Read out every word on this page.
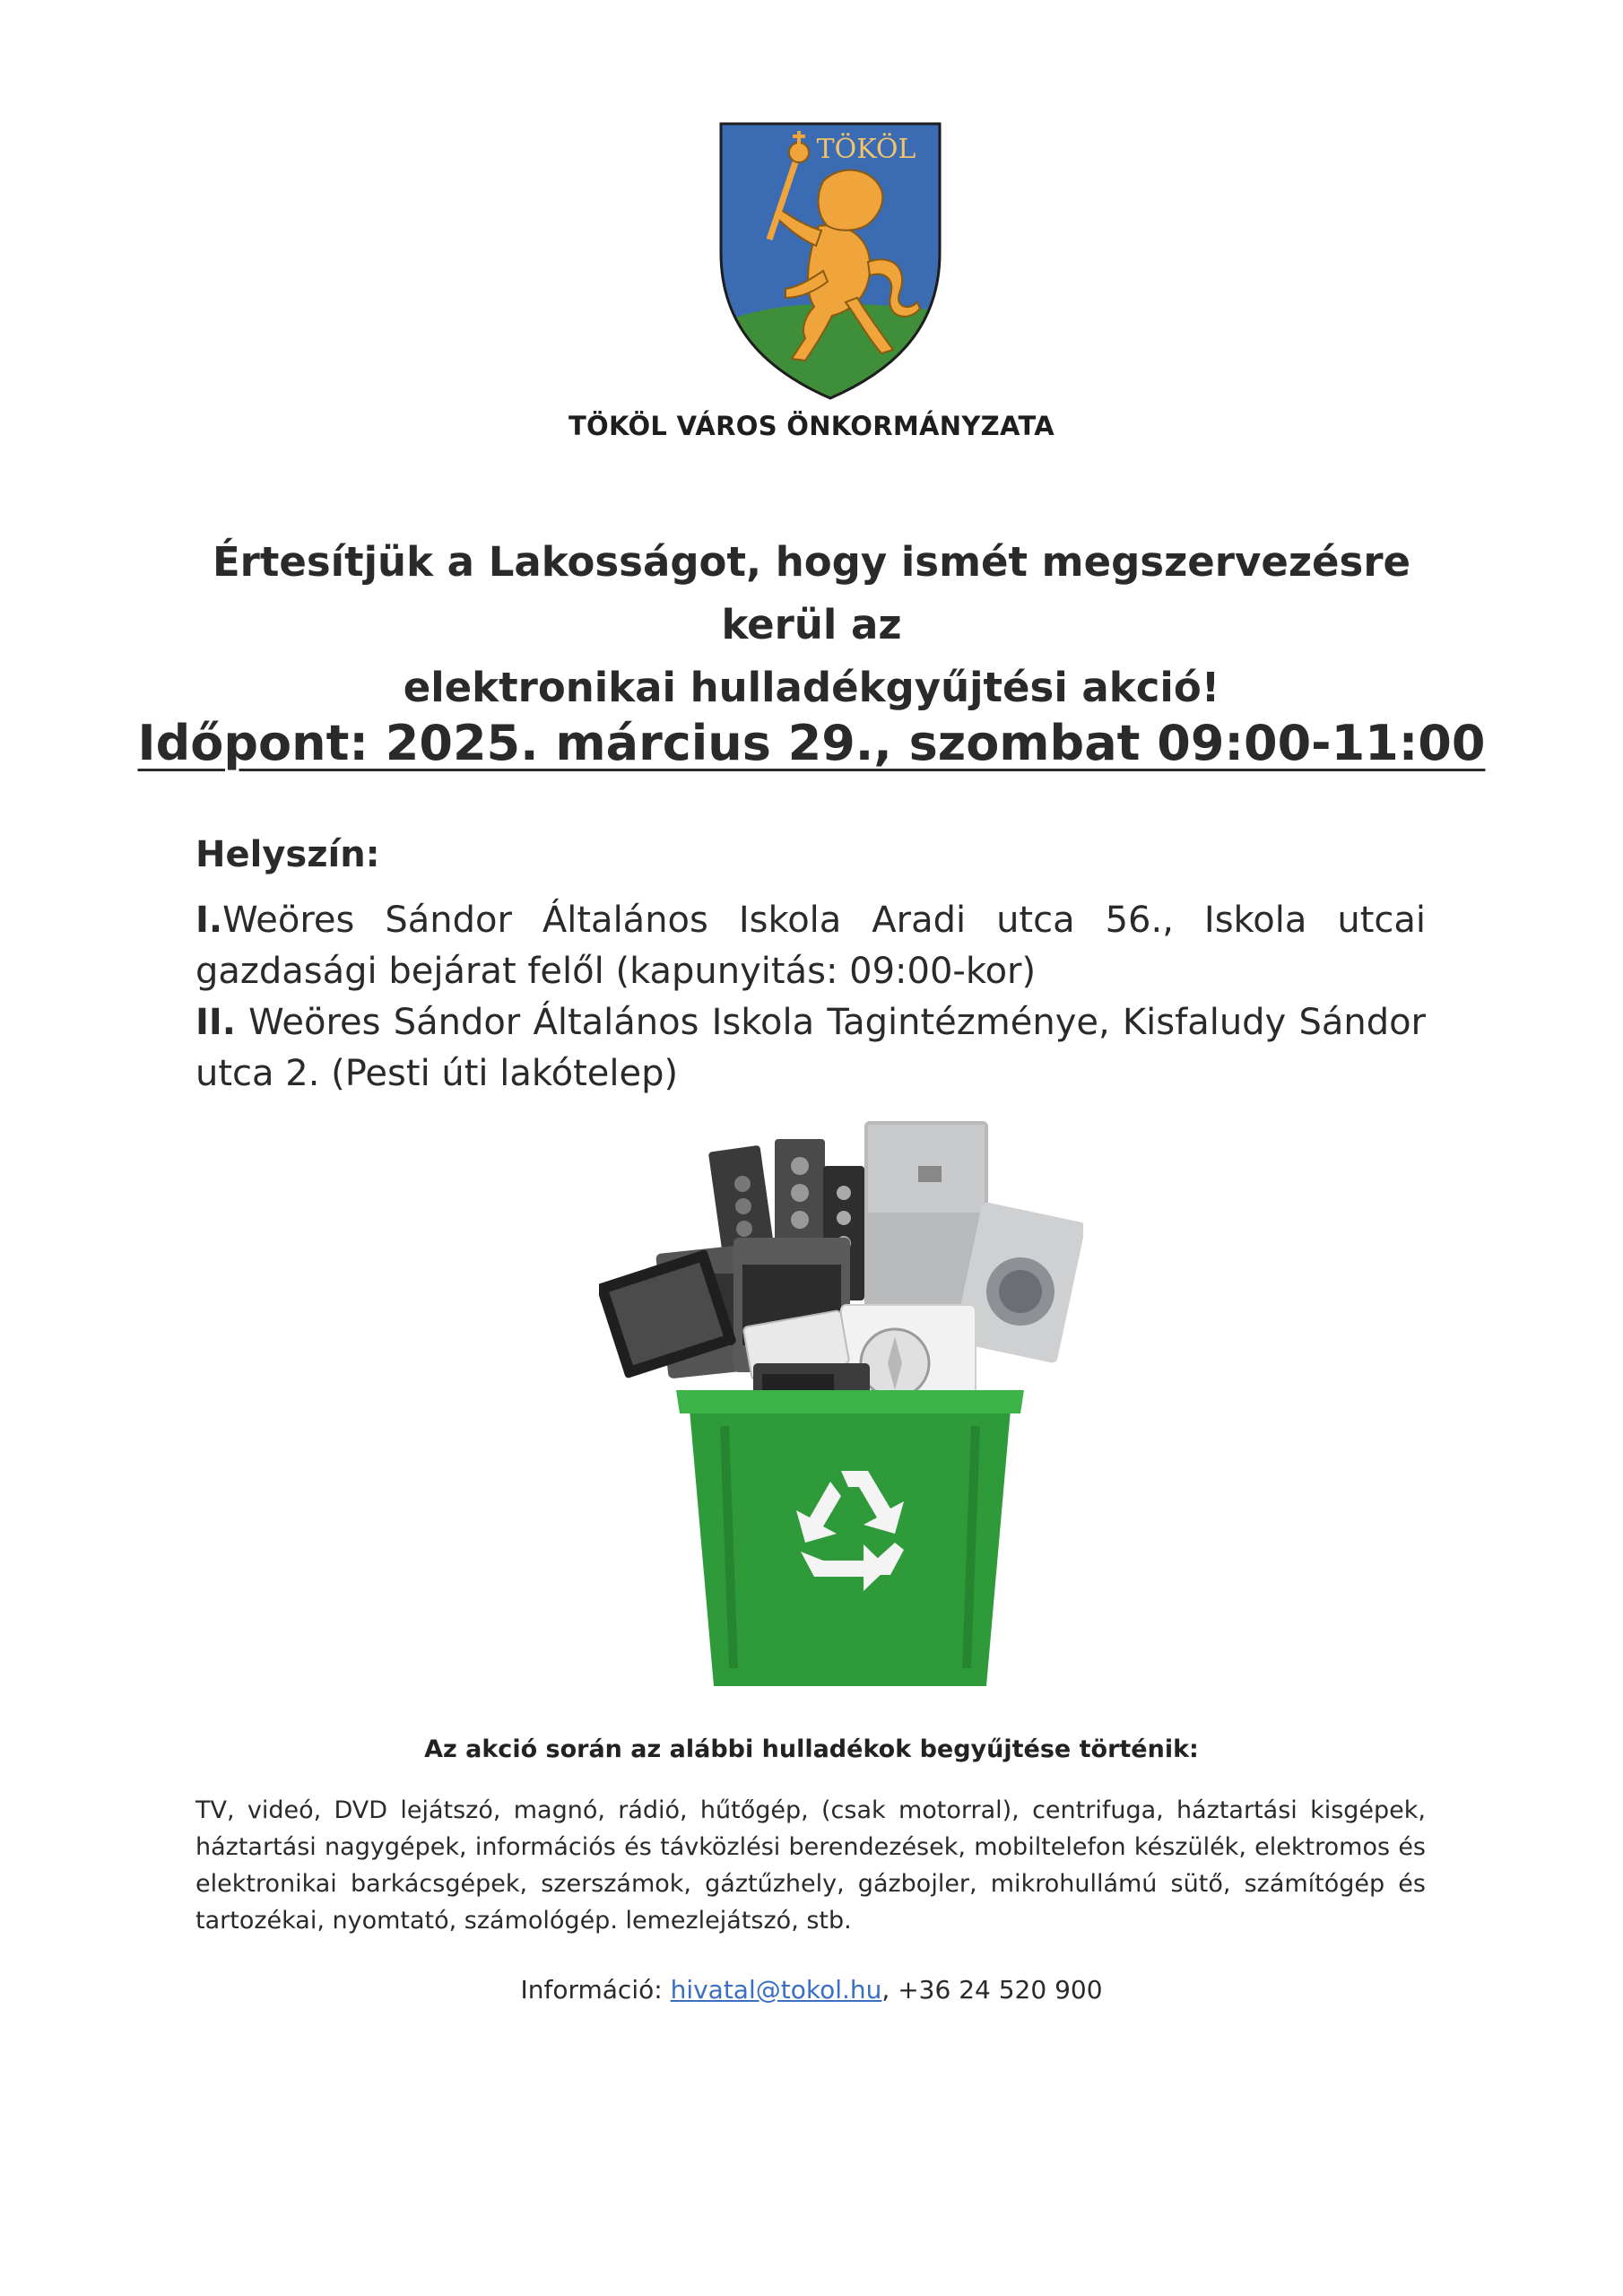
TÖKÖL
TÖKÖL VÁROS ÖNKORMÁNYZATA
Értesítjük a Lakosságot, hogy ismét megszervezésre kerül az
elektronikai hulladékgyűjtési akció!
Időpont: 2025. március 29., szombat 09:00-11:00
Helyszín:
I.Weöres Sándor Általános Iskola Aradi utca 56., Iskola utcai gazdasági bejárat felől (kapunyitás: 09:00-kor)
II. Weöres Sándor Általános Iskola Tagintézménye, Kisfaludy Sándor utca 2. (Pesti úti lakótelep)
Az akció során az alábbi hulladékok begyűjtése történik:
TV, videó, DVD lejátszó, magnó, rádió, hűtőgép, (csak motorral), centrifuga, háztartási kisgépek, háztartási nagygépek, információs és távközlési berendezések, mobiltelefon készülék, elektromos és elektronikai barkácsgépek, szerszámok, gáztűzhely, gázbojler, mikrohullámú sütő, számítógép és tartozékai, nyomtató, számológép. lemezlejátszó, stb.
Információ: hivatal@tokol.hu, +36 24 520 900
